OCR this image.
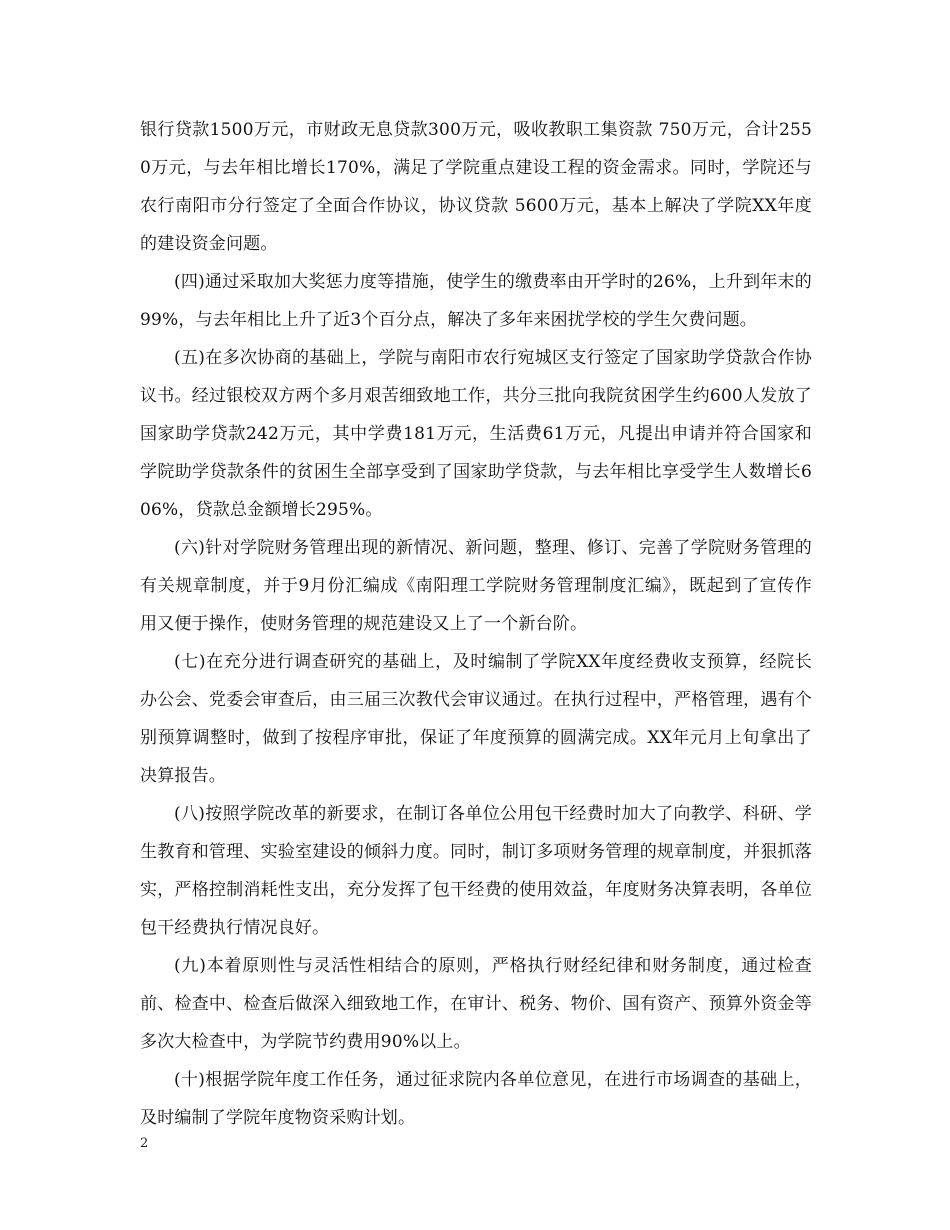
银行贷款1500万元，市财政无息贷款300万元，吸收教职工集资款 750万元，合计2550万元，与去年相比增长170%，满足了学院重点建设工程的资金需求。同时，学院还与农行南阳市分行签定了全面合作协议，协议贷款 5600万元，基本上解决了学院XX年度的建设资金问题。

(四)通过采取加大奖惩力度等措施，使学生的缴费率由开学时的26%，上升到年末的99%，与去年相比上升了近3个百分点，解决了多年来困扰学校的学生欠费问题。

(五)在多次协商的基础上，学院与南阳市农行宛城区支行签定了国家助学贷款合作协议书。经过银校双方两个多月艰苦细致地工作，共分三批向我院贫困学生约600人发放了国家助学贷款242万元，其中学费181万元，生活费61万元，凡提出申请并符合国家和学院助学贷款条件的贫困生全部享受到了国家助学贷款，与去年相比享受学生人数增长606%，贷款总金额增长295%。

(六)针对学院财务管理出现的新情况、新问题，整理、修订、完善了学院财务管理的有关规章制度，并于9月份汇编成《南阳理工学院财务管理制度汇编》，既起到了宣传作用又便于操作，使财务管理的规范建设又上了一个新台阶。

(七)在充分进行调查研究的基础上，及时编制了学院XX年度经费收支预算，经院长办公会、党委会审查后，由三届三次教代会审议通过。在执行过程中，严格管理，遇有个别预算调整时，做到了按程序审批，保证了年度预算的圆满完成。XX年元月上旬拿出了决算报告。

(八)按照学院改革的新要求，在制订各单位公用包干经费时加大了向教学、科研、学生教育和管理、实验室建设的倾斜力度。同时，制订多项财务管理的规章制度，并狠抓落实，严格控制消耗性支出，充分发挥了包干经费的使用效益，年度财务决算表明，各单位包干经费执行情况良好。

(九)本着原则性与灵活性相结合的原则，严格执行财经纪律和财务制度，通过检查前、检查中、检查后做深入细致地工作，在审计、税务、物价、国有资产、预算外资金等多次大检查中，为学院节约费用90%以上。

(十)根据学院年度工作任务，通过征求院内各单位意见，在进行市场调查的基础上，及时编制了学院年度物资采购计划。

2
